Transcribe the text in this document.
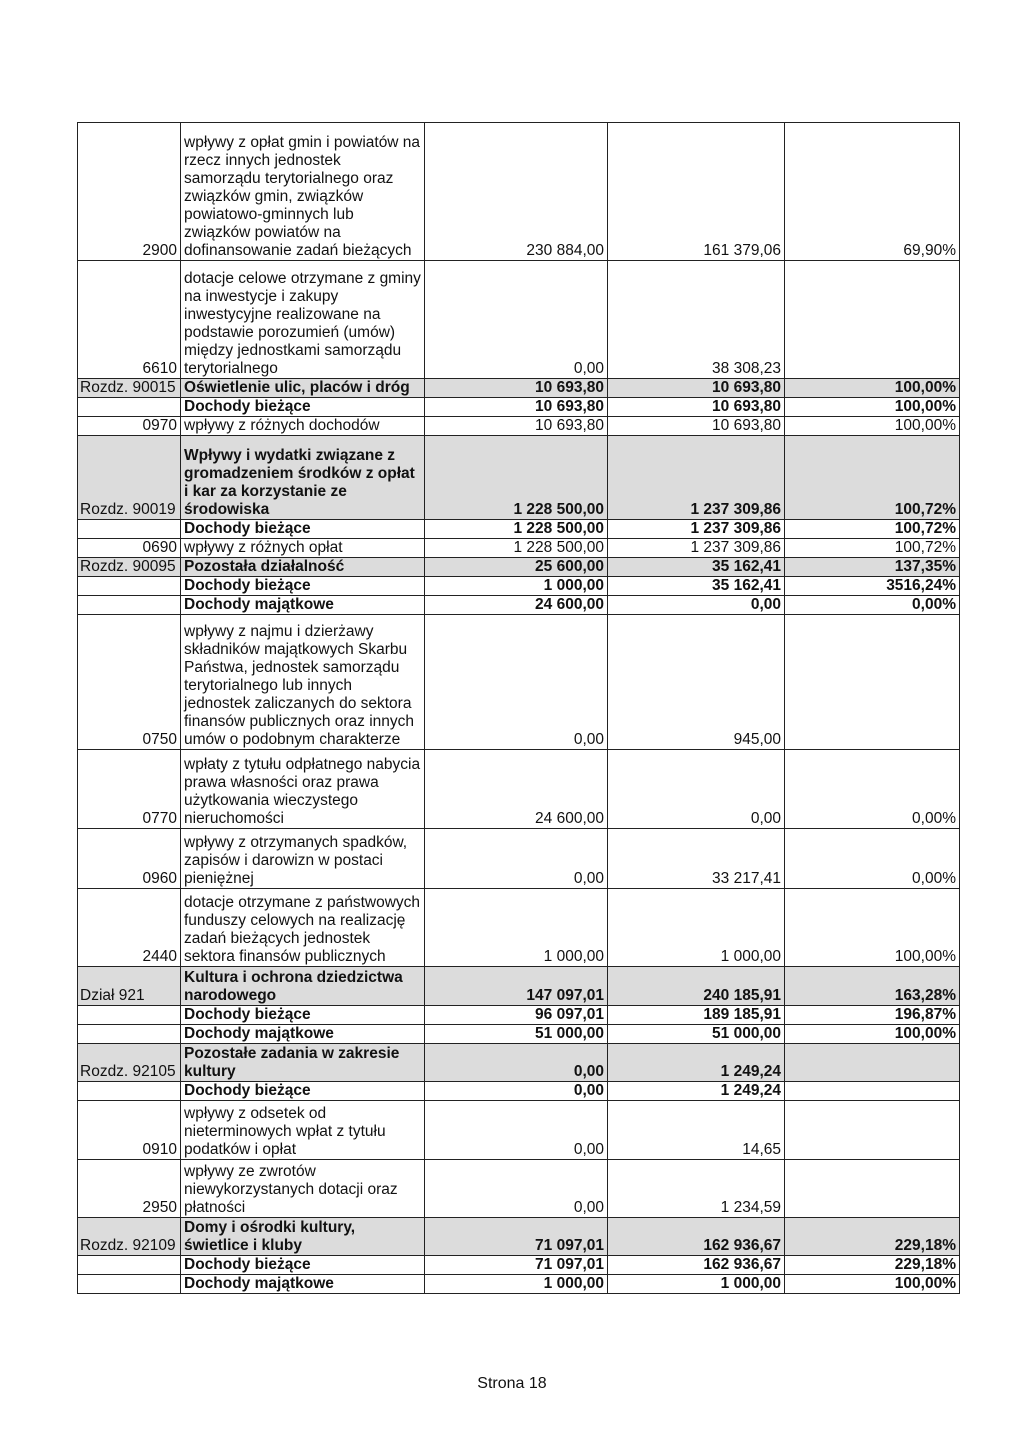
2900	wpływy z opłat gmin i powiatów na rzecz innych jednostek samorządu terytorialnego oraz związków gmin, związków powiatowo-gminnych lub związków powiatów na dofinansowanie zadań bieżących	230 884,00	161 379,06	69,90%
6610	dotacje celowe otrzymane z gminy na inwestycje i zakupy inwestycyjne realizowane na podstawie porozumień (umów) między jednostkami samorządu terytorialnego	0,00	38 308,23	
Rozdz. 90015	Oświetlenie ulic, placów i dróg	10 693,80	10 693,80	100,00%
	Dochody bieżące	10 693,80	10 693,80	100,00%
0970	wpływy z różnych dochodów	10 693,80	10 693,80	100,00%
Rozdz. 90019	Wpływy i wydatki związane z gromadzeniem środków z opłat i kar za korzystanie ze środowiska	1 228 500,00	1 237 309,86	100,72%
	Dochody bieżące	1 228 500,00	1 237 309,86	100,72%
0690	wpływy z różnych opłat	1 228 500,00	1 237 309,86	100,72%
Rozdz. 90095	Pozostała działalność	25 600,00	35 162,41	137,35%
	Dochody bieżące	1 000,00	35 162,41	3516,24%
	Dochody majątkowe	24 600,00	0,00	0,00%
0750	wpływy z najmu i dzierżawy składników majątkowych Skarbu Państwa, jednostek samorządu terytorialnego lub innych jednostek zaliczanych do sektora finansów publicznych oraz innych umów o podobnym charakterze	0,00	945,00	
0770	wpłaty z tytułu odpłatnego nabycia prawa własności oraz prawa użytkowania wieczystego nieruchomości	24 600,00	0,00	0,00%
0960	wpływy z otrzymanych spadków, zapisów i darowizn w postaci pieniężnej	0,00	33 217,41	0,00%
2440	dotacje otrzymane z państwowych funduszy celowych na realizację zadań bieżących jednostek sektora finansów publicznych	1 000,00	1 000,00	100,00%
Dział 921	Kultura i ochrona dziedzictwa narodowego	147 097,01	240 185,91	163,28%
	Dochody bieżące	96 097,01	189 185,91	196,87%
	Dochody majątkowe	51 000,00	51 000,00	100,00%
Rozdz. 92105	Pozostałe zadania w zakresie kultury	0,00	1 249,24	
	Dochody bieżące	0,00	1 249,24	
0910	wpływy z odsetek od nieterminowych wpłat z tytułu podatków i opłat	0,00	14,65	
2950	wpływy ze zwrotów niewykorzystanych dotacji oraz płatności	0,00	1 234,59	
Rozdz. 92109	Domy i ośrodki kultury, świetlice i kluby	71 097,01	162 936,67	229,18%
	Dochody bieżące	71 097,01	162 936,67	229,18%
	Dochody majątkowe	1 000,00	1 000,00	100,00%
Strona 18
